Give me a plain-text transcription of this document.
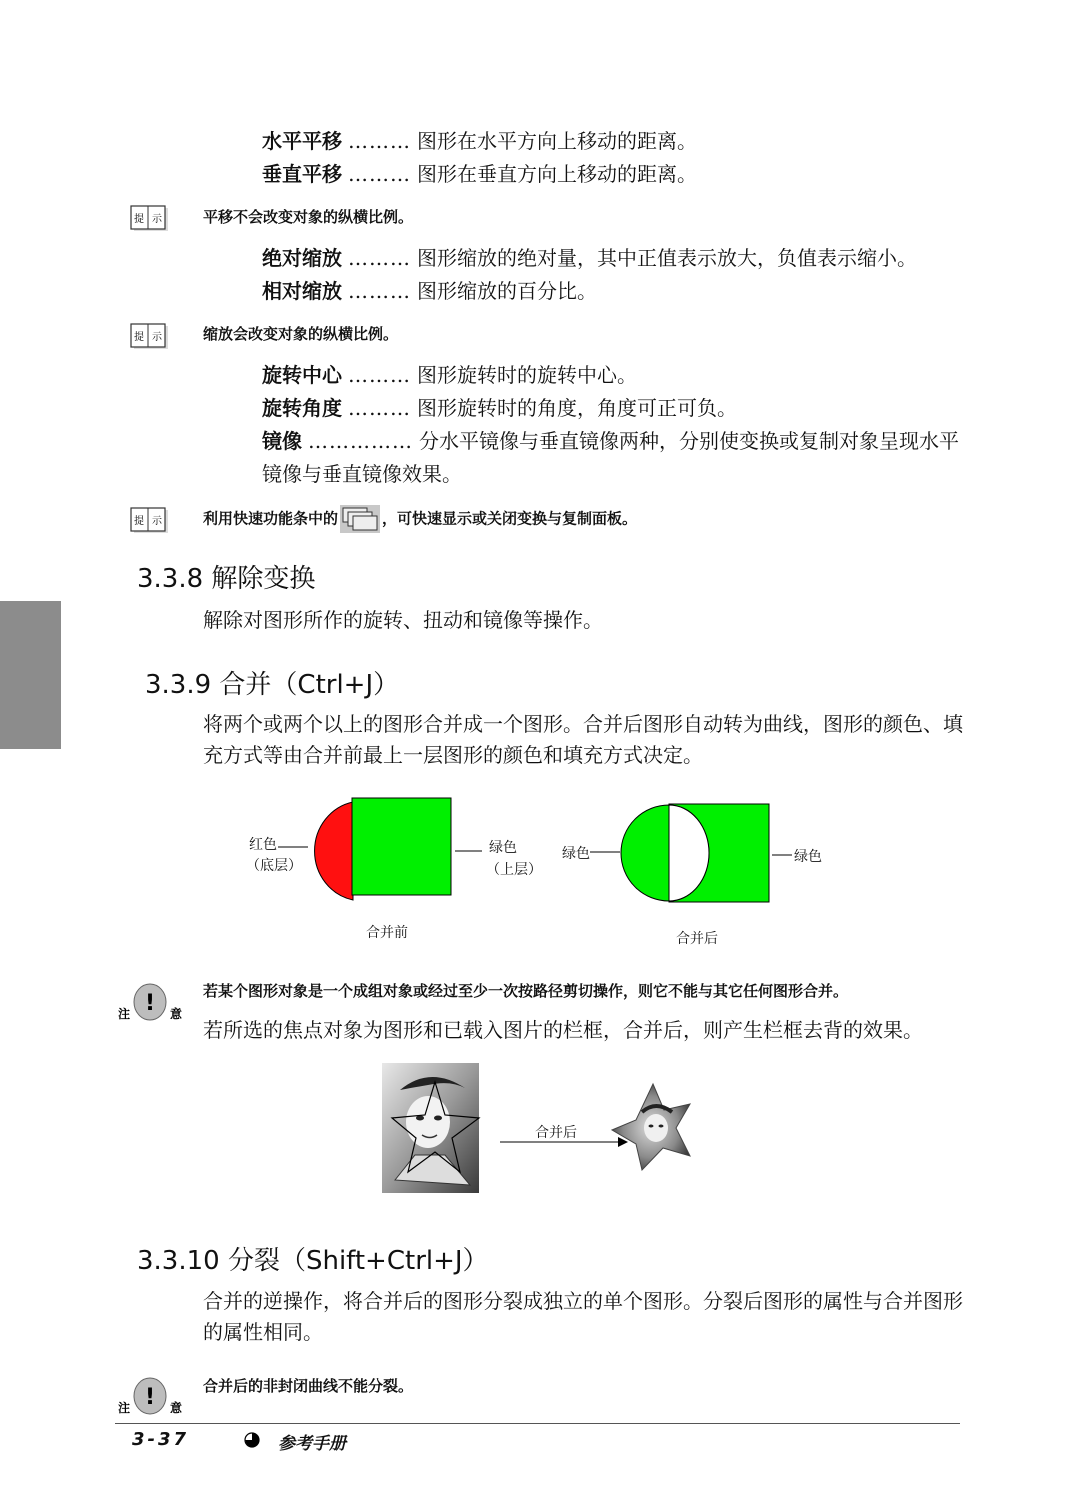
水平平移 ……… 图形在水平方向上移动的距离。
垂直平移 ……… 图形在垂直方向上移动的距离。
提 示	平移不会改变对象的纵横比例。
绝对缩放 ……… 图形缩放的绝对量，其中正值表示放大，负值表示缩小。
相对缩放 ……… 图形缩放的百分比。
提 示	缩放会改变对象的纵横比例。
旋转中心 ……… 图形旋转时的旋转中心。
旋转角度 ……… 图形旋转时的角度，角度可正可负。
镜像 …………… 分水平镜像与垂直镜像两种，分别使变换或复制对象呈现水平镜像与垂直镜像效果。
提 示	利用快速功能条中的	，可快速显示或关闭变换与复制面板。
3.3.8 解除变换
解除对图形所作的旋转、扭动和镜像等操作。
3.3.9 合并（Ctrl+J）
将两个或两个以上的图形合并成一个图形。合并后图形自动转为曲线，图形的颜色、填充方式等由合并前最上一层图形的颜色和填充方式决定。
红色
（底层）
绿色
（上层）
合并前
绿色	绿色
合并后
!
注	意
若某个图形对象是一个成组对象或经过至少一次按路径剪切操作，则它不能与其它任何图形合并。
若所选的焦点对象为图形和已载入图片的栏框，合并后，则产生栏框去背的效果。
合并后
3.3.10 分裂（Shift+Ctrl+J）
合并的逆操作，将合并后的图形分裂成独立的单个图形。分裂后图形的属性与合并图形的属性相同。
!
注	意
合并后的非封闭曲线不能分裂。
3-37	参考手册
